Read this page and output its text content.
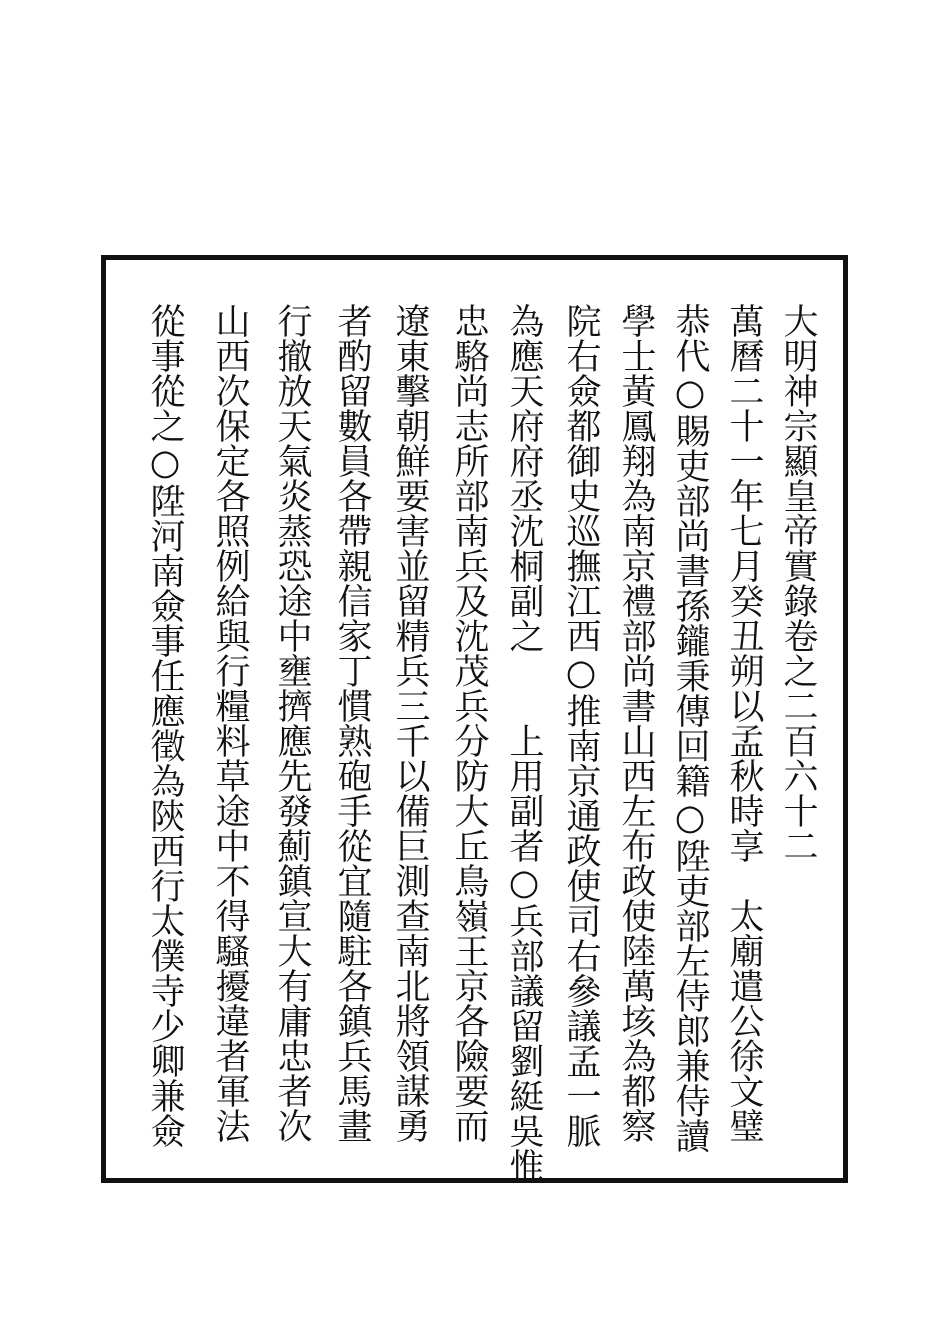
大明神宗顯皇帝實錄卷之二百六十二
萬曆二十一年七月癸丑朔以孟秋時享　太廟遣公徐文璧
恭代○賜吏部尚書孫鑨秉傳回籍○陞吏部左侍郎兼侍讀
學士黃鳳翔為南京禮部尚書山西左布政使陸萬垓為都察
院右僉都御史巡撫江西○推南京通政使司右參議孟一脈
為應天府府丞沈桐副之　　上用副者○兵部議留劉綎吳惟
忠駱尚志所部南兵及沈茂兵分防大丘鳥嶺王京各險要而
遼東擊朝鮮要害並留精兵三千以備巨測查南北將領謀勇
者酌留數員各帶親信家丁慣熟砲手從宜隨駐各鎮兵馬畫
行撤放天氣炎蒸恐途中壅擠應先發薊鎮宣大有庸忠者次
山西次保定各照例給與行糧料草途中不得騷擾違者軍法
從事從之○陞河南僉事任應徵為陝西行太僕寺少卿兼僉
